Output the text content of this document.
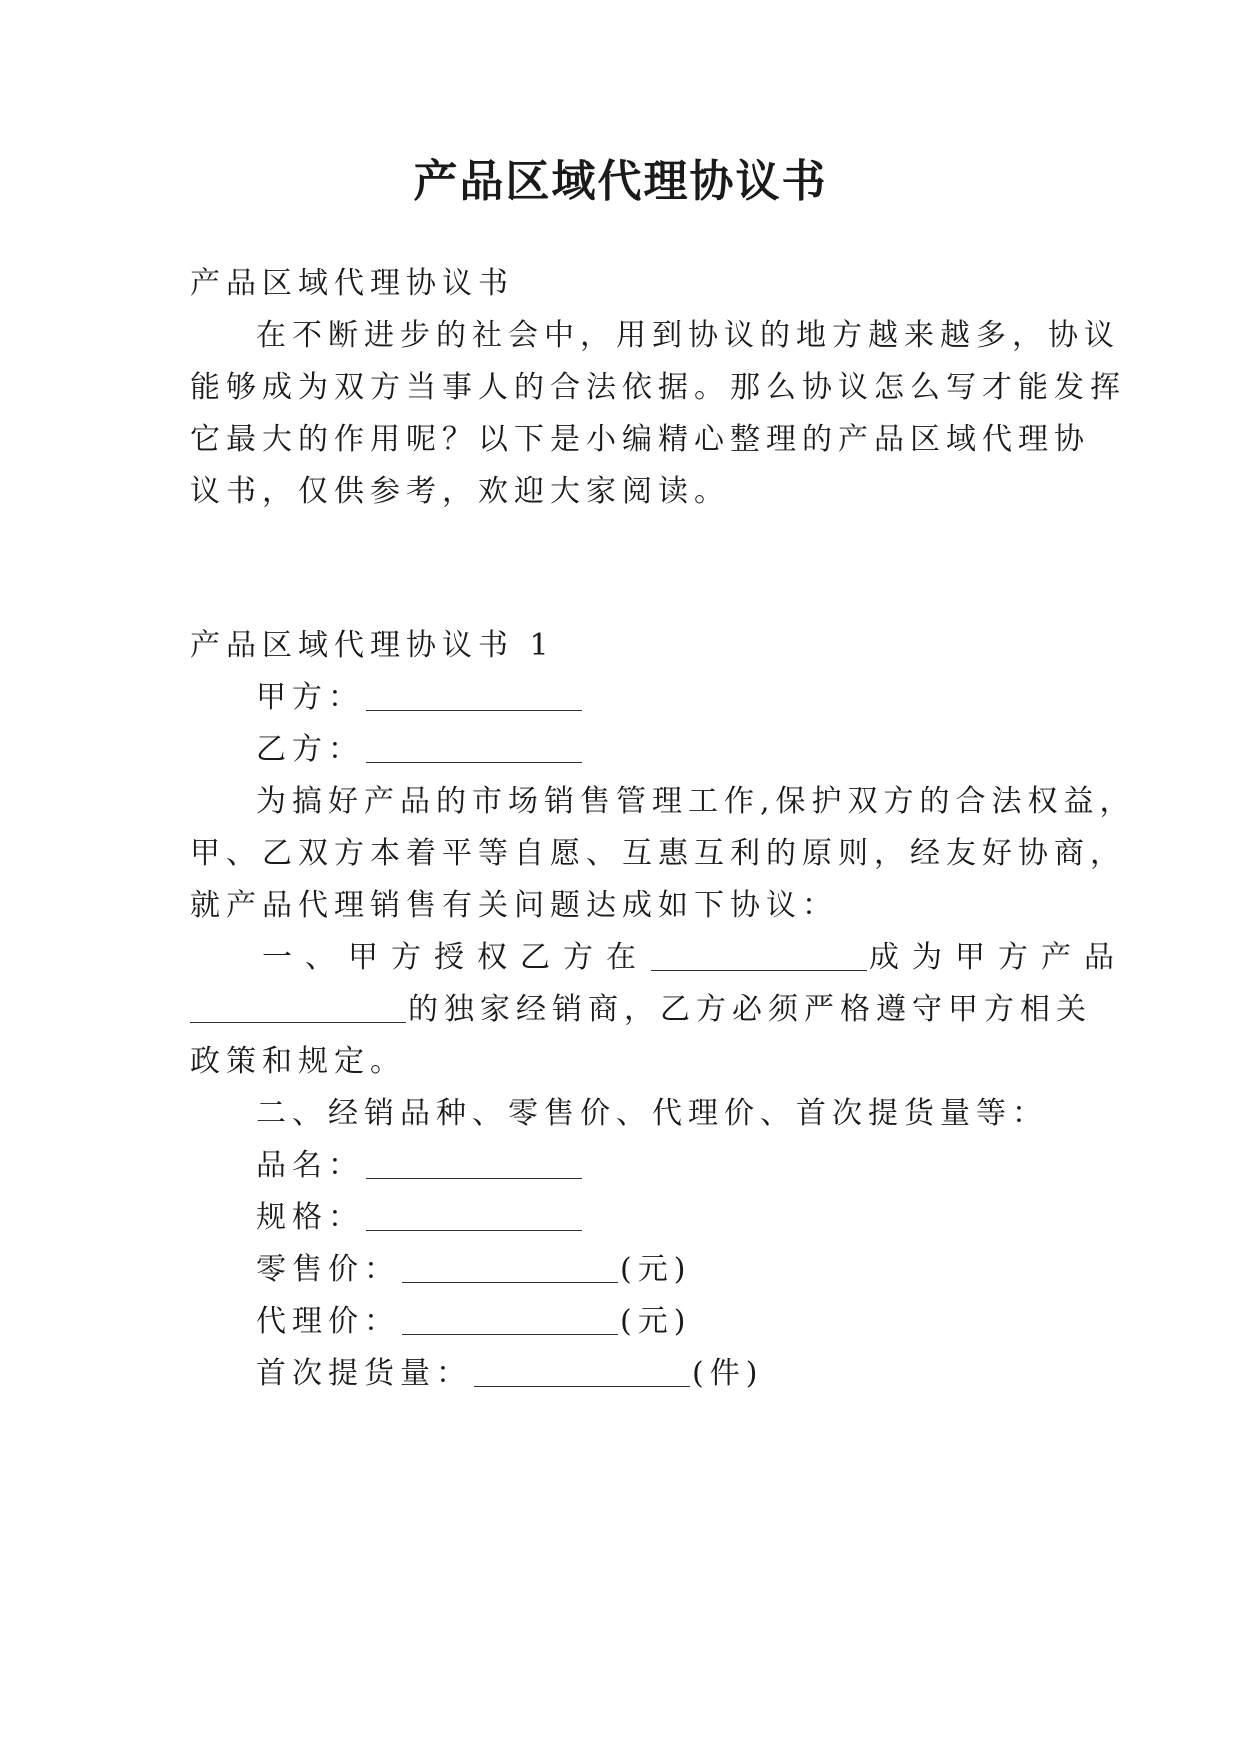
产品区域代理协议书
产品区域代理协议书
在不断进步的社会中，用到协议的地方越来越多，协议
能够成为双方当事人的合法依据。那么协议怎么写才能发挥
它最大的作用呢？以下是小编精心整理的产品区域代理协
议书，仅供参考，欢迎大家阅读。
产品区域代理协议书 1
甲方：
乙方：
为搞好产品的市场销售管理工作,保护双方的合法权益，
甲、乙双方本着平等自愿、互惠互利的原则，经友好协商，
就产品代理销售有关问题达成如下协议：
一、甲方授权乙方在	成为甲方产品
的独家经销商，乙方必须严格遵守甲方相关
政策和规定。
二、经销品种、零售价、代理价、首次提货量等：
品名：
规格：
零售价：	(元)
代理价：	(元)
首次提货量：	(件)
